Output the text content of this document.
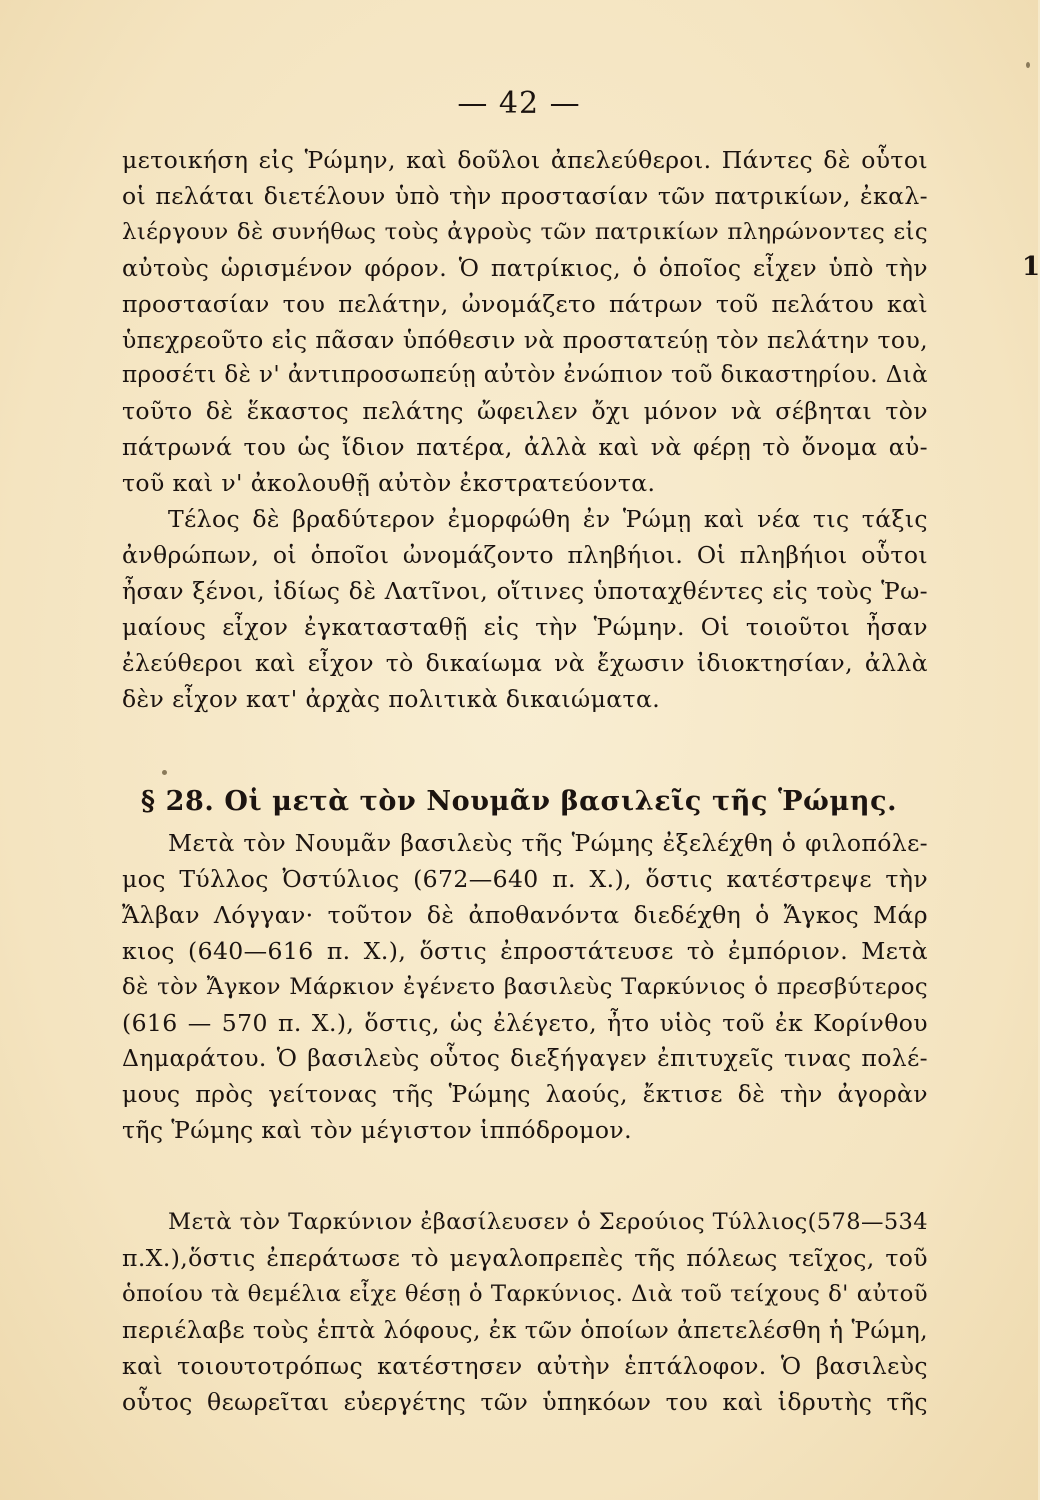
— 42 —
1
μετοικήση εἰς Ῥώμην, καὶ δοῦλοι ἀπελεύθεροι. Πάντες δὲ οὗτοι
οἱ πελάται διετέλουν ὑπὸ τὴν προστασίαν τῶν πατρικίων, ἐκαλ-
λιέργουν δὲ συνήθως τοὺς ἀγροὺς τῶν πατρικίων πληρώνοντες εἰς
αὐτοὺς ὡρισμένον φόρον. Ὁ πατρίκιος, ὁ ὁποῖος εἶχεν ὑπὸ τὴν
προστασίαν του πελάτην, ὠνομάζετο πάτρων τοῦ πελάτου καὶ
ὑπεχρεοῦτο εἰς πᾶσαν ὑπόθεσιν νὰ προστατεύῃ τὸν πελάτην του,
προσέτι δὲ ν' ἀντιπροσωπεύῃ αὐτὸν ἐνώπιον τοῦ δικαστηρίου. Διὰ
τοῦτο δὲ ἕκαστος πελάτης ὤφειλεν ὄχι μόνον νὰ σέβηται τὸν
πάτρωνά του ὡς ἴδιον πατέρα, ἀλλὰ καὶ νὰ φέρῃ τὸ ὄνομα αὐ-
τοῦ καὶ ν' ἀκολουθῇ αὐτὸν ἐκστρατεύοντα.
Τέλος δὲ βραδύτερον ἐμορφώθη ἐν Ῥώμῃ καὶ νέα τις τάξις
ἀνθρώπων, οἱ ὁποῖοι ὠνομάζοντο πληβήιοι. Οἱ πληβήιοι οὗτοι
ἦσαν ξένοι, ἰδίως δὲ Λατῖνοι, οἵτινες ὑποταχθέντες εἰς τοὺς Ῥω-
μαίους εἶχον ἐγκατασταθῇ εἰς τὴν Ῥώμην. Οἱ τοιοῦτοι ἦσαν
ἐλεύθεροι καὶ εἶχον τὸ δικαίωμα νὰ ἔχωσιν ἰδιοκτησίαν, ἀλλὰ
δὲν εἶχον κατ' ἀρχὰς πολιτικὰ δικαιώματα.
§ 28. Οἱ μετὰ τὸν Νουμᾶν βασιλεῖς τῆς Ῥώμης.
Μετὰ τὸν Νουμᾶν βασιλεὺς τῆς Ῥώμης ἐξελέχθη ὁ φιλοπόλε-
μος Τύλλος Ὀστύλιος (672—640 π. Χ.), ὅστις κατέστρεψε τὴν
Ἄλβαν Λόγγαν· τοῦτον δὲ ἀποθανόντα διεδέχθη ὁ Ἄγκος Μάρ
κιος (640—616 π. Χ.), ὅστις ἐπροστάτευσε τὸ ἐμπόριον. Μετὰ
δὲ τὸν Ἄγκον Μάρκιον ἐγένετο βασιλεὺς Ταρκύνιος ὁ πρεσβύτερος
(616 — 570 π. Χ.), ὅστις, ὡς ἐλέγετο, ἦτο υἱὸς τοῦ ἐκ Κορίνθου
Δημαράτου. Ὁ βασιλεὺς οὗτος διεξήγαγεν ἐπιτυχεῖς τινας πολέ-
μους πρὸς γείτονας τῆς Ῥώμης λαούς, ἔκτισε δὲ τὴν ἀγορὰν
τῆς Ῥώμης καὶ τὸν μέγιστον ἱππόδρομον.
Μετὰ τὸν Ταρκύνιον ἐβασίλευσεν ὁ Σερούιος Τύλλιος(578—534
π.Χ.),ὅστις ἐπεράτωσε τὸ μεγαλοπρεπὲς τῆς πόλεως τεῖχος, τοῦ
ὁποίου τὰ θεμέλια εἶχε θέσῃ ὁ Ταρκύνιος. Διὰ τοῦ τείχους δ' αὐτοῦ
περιέλαβε τοὺς ἑπτὰ λόφους, ἐκ τῶν ὁποίων ἀπετελέσθη ἡ Ῥώμη,
καὶ τοιουτοτρόπως κατέστησεν αὐτὴν ἑπτάλοφον. Ὁ βασιλεὺς
οὗτος θεωρεῖται εὐεργέτης τῶν ὑπηκόων του καὶ ἱδρυτὴς τῆς
